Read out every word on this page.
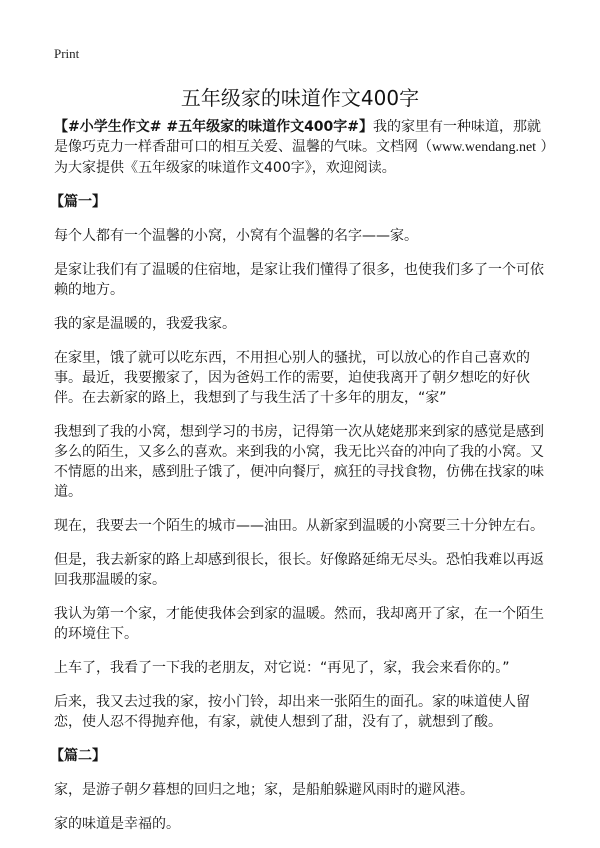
Print
五年级家的味道作文400字

【#小学生作文# #五年级家的味道作文400字#】我的家里有一种味道，那就是像巧克力一样香甜可口的相互关爱、温馨的气味。文档网（www.wendang.net ）为大家提供《五年级家的味道作文400字》，欢迎阅读。

【篇一】

每个人都有一个温馨的小窝，小窝有个温馨的名字——家。

是家让我们有了温暖的住宿地，是家让我们懂得了很多，也使我们多了一个可依赖的地方。

我的家是温暖的，我爱我家。

在家里，饿了就可以吃东西，不用担心别人的骚扰，可以放心的作自己喜欢的事。最近，我要搬家了，因为爸妈工作的需要，迫使我离开了朝夕想吃的好伙伴。在去新家的路上，我想到了与我生活了十多年的朋友，“家”

我想到了我的小窝，想到学习的书房，记得第一次从姥姥那来到家的感觉是感到多么的陌生，又多么的喜欢。来到我的小窝，我无比兴奋的冲向了我的小窝。又不情愿的出来，感到肚子饿了，便冲向餐厅，疯狂的寻找食物，仿佛在找家的味道。

现在，我要去一个陌生的城市——油田。从新家到温暖的小窝要三十分钟左右。

但是，我去新家的路上却感到很长，很长。好像路延绵无尽头。恐怕我难以再返回我那温暖的家。

我认为第一个家，才能使我体会到家的温暖。然而，我却离开了家，在一个陌生的环境住下。

上车了，我看了一下我的老朋友，对它说：“再见了，家，我会来看你的。”

后来，我又去过我的家，按小门铃，却出来一张陌生的面孔。家的味道使人留恋，使人忍不得抛弃他，有家，就使人想到了甜，没有了，就想到了酸。

【篇二】

家，是游子朝夕暮想的回归之地；家，是船舶躲避风雨时的避风港。

家的味道是幸福的。
